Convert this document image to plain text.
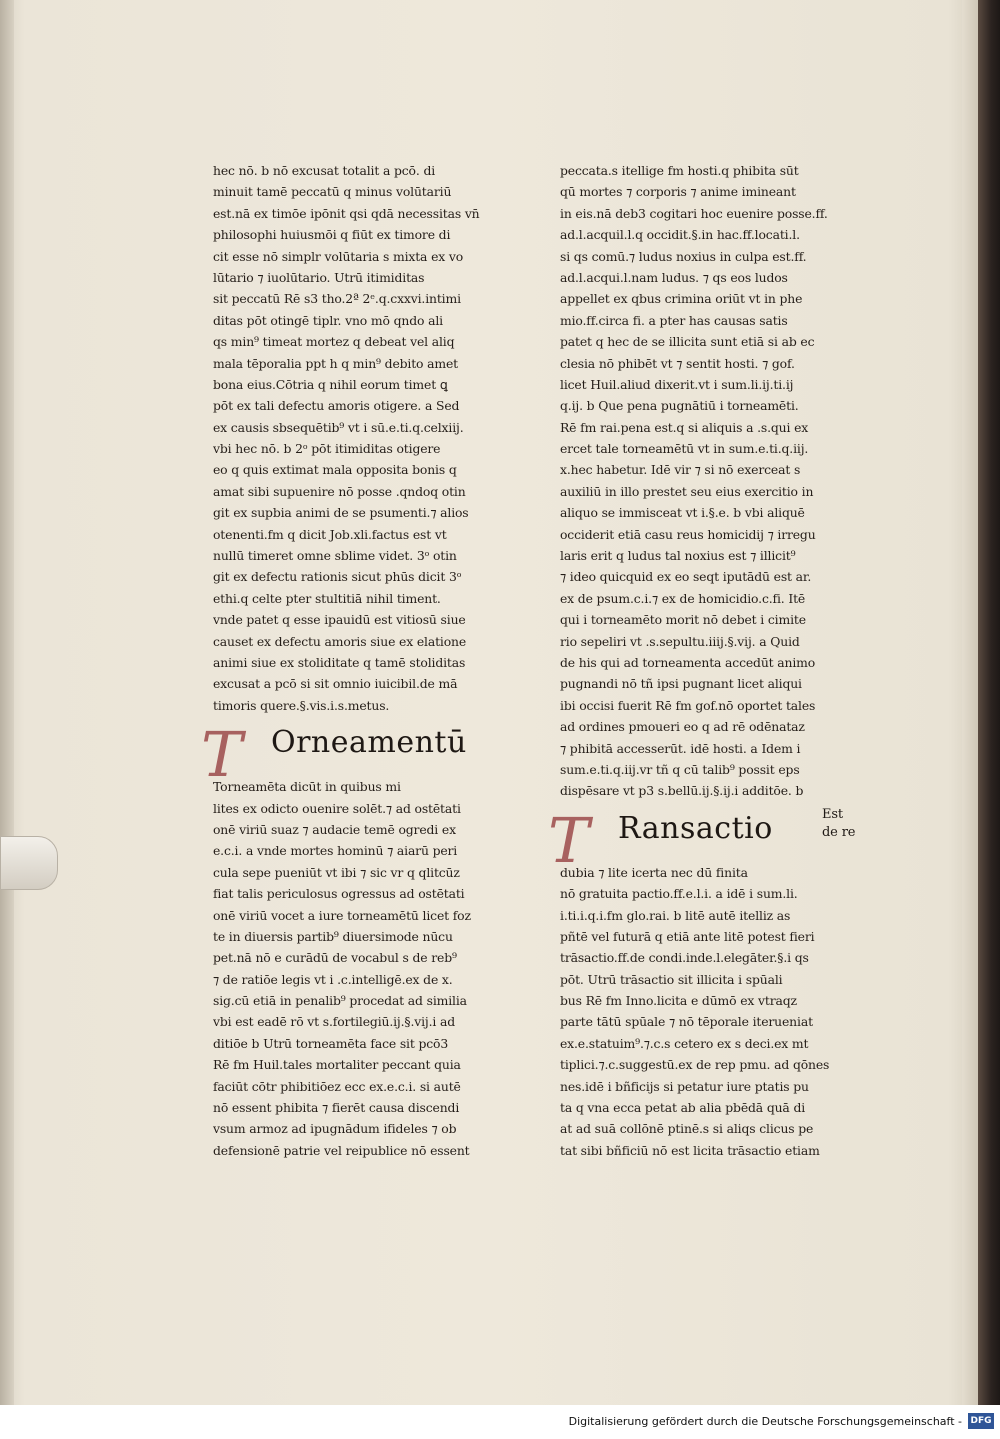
hec nō. b nō excusat totalit a pcō. di
minuit tamē peccatū q minus volūtariū
est.nā ex timōe ipōnit qsi qdā necessitas vn̄
philosophi huiusmōi q fiūt ex timore di
cit esse nō simplr volūtaria s mixta ex vo
lūtario ⁊ iuolūtario. Utrū itimiditas
sit peccatū Rē s3 tho.2ª 2ᵉ.q.cxxvi.intimi
ditas pōt otingē tiplr. vno mō qndo ali
qs min⁹ timeat mortez q debeat vel aliq
mala tēporalia ppt h q min⁹ debito amet
bona eius.Cōtria q nihil eorum timet ꝗ
pōt ex tali defectu amoris otigere. a Sed
ex causis sbsequētib⁹ vt i sū.e.ti.q.celxiij.
vbi hec nō. b 2ᵒ pōt itimiditas otigere
eo q quis extimat mala opposita bonis q
amat sibi supuenire nō posse .qndoq otin
git ex supbia animi de se psumenti.⁊ alios
otenenti.fm q dicit Job.xli.factus est vt
nullū timeret omne sblime videt. 3ᵒ otin
git ex defectu rationis sicut phūs dicit 3ᵒ
ethi.q celte pter stultitiā nihil timent.
vnde patet q esse ipauidū est vitiosū siue
causet ex defectu amoris siue ex elatione
animi siue ex stoliditate q tamē stoliditas
excusat a pcō si sit omnio iuicibil.de mā
timoris quere.§.vis.i.s.metus.
T Orneamentū
Torneamēta dicūt in quibus mi
lites ex odicto ouenire solēt.⁊ ad ostētati
onē viriū suaz ⁊ audacie temē ogredi ex
e.c.i. a vnde mortes hominū ⁊ aiarū peri
cula sepe pueniūt vt ibi ⁊ sic vr q qlitcūz
fiat talis periculosus ogressus ad ostētati
onē viriū vocet a iure torneamētū licet foz
te in diuersis partib⁹ diuersimode nūcu
pet.nā nō e curādū de vocabul s de reb⁹
⁊ de ratiōe legis vt i .c.intelligē.ex de x.
sig.cū etiā in penalib⁹ procedat ad similia
vbi est eadē rō vt s.fortilegiū.ij.§.vij.i ad
ditiōe b Utrū torneamēta face sit pcō3
Rē fm Huil.tales mortaliter peccant quia
faciūt cōtr phibitiōez ecc ex.e.c.i. si autē
nō essent phibita ⁊ fierēt causa discendi
vsum armoz ad ipugnādum ifideles ⁊ ob
defensionē patrie vel reipublice nō essent
peccata.s itellige fm hosti.q phibita sūt
qū mortes ⁊ corporis ⁊ anime imineant
in eis.nā deb3 cogitari hoc euenire posse.ff.
ad.l.acquil.l.q occidit.§.in hac.ff.locati.l.
si qs comū.⁊ ludus noxius in culpa est.ff.
ad.l.acqui.l.nam ludus. ⁊ qs eos ludos
appellet ex qbus crimina oriūt vt in phe
mio.ff.circa fi. a pter has causas satis
patet q hec de se illicita sunt etiā si ab ec
clesia nō phibēt vt ⁊ sentit hosti. ⁊ gof.
licet Huil.aliud dixerit.vt i sum.li.ij.ti.ij
q.ij. b Que pena pugnātiū i torneamēti.
Rē fm rai.pena est.q si aliquis a .s.qui ex
ercet tale torneamētū vt in sum.e.ti.q.iij.
x.hec habetur. Idē vir ⁊ si nō exerceat s
auxiliū in illo prestet seu eius exercitio in
aliquo se immisceat vt i.§.e. b vbi aliquē
occiderit etiā casu reus homicidij ⁊ irregu
laris erit q ludus tal noxius est ⁊ illicit⁹
⁊ ideo quicquid ex eo seqt iputādū est ar.
ex de psum.c.i.⁊ ex de homicidio.c.fi. Itē
qui i torneamēto morit nō debet i cimite
rio sepeliri vt .s.sepultu.iiij.§.vij. a Quid
de his qui ad torneamenta accedūt animo
pugnandi nō tñ ipsi pugnant licet aliqui
ibi occisi fuerit Rē fm gof.nō oportet tales
ad ordines pmoueri eo q ad rē odēnataz
⁊ phibitā accesserūt. idē hosti. a Idem i
sum.e.ti.q.iij.vr tñ q cū talib⁹ possit eps
dispēsare vt p3 s.bellū.ij.§.ij.i additōe. b
T Ransactio	Est
de re
dubia ⁊ lite icerta nec dū finita
nō gratuita pactio.ff.e.l.i. a idē i sum.li.
i.ti.i.q.i.fm glo.rai. b litē autē itelliz as
pñtē vel futurā q etiā ante litē potest fieri
trāsactio.ff.de condi.inde.l.elegāter.§.i qs
pōt. Utrū trāsactio sit illicita i spūali
bus Rē fm Inno.licita e dūmō ex vtraqz
parte tātū spūale ⁊ nō tēporale iterueniat
ex.e.statuim⁹.⁊.c.s cetero ex s deci.ex mt
tiplici.⁊.c.suggestū.ex de rep pmu. ad qōnes
nes.idē i bñficijs si petatur iure ptatis pu
ta q vna ecca petat ab alia pbēdā quā di
at ad suā collōnē ptinē.s si aliqs clicus pe
tat sibi bñficiū nō est licita trāsactio etiam
Digitalisierung gefördert durch die Deutsche Forschungsgemeinschaft - DFG
